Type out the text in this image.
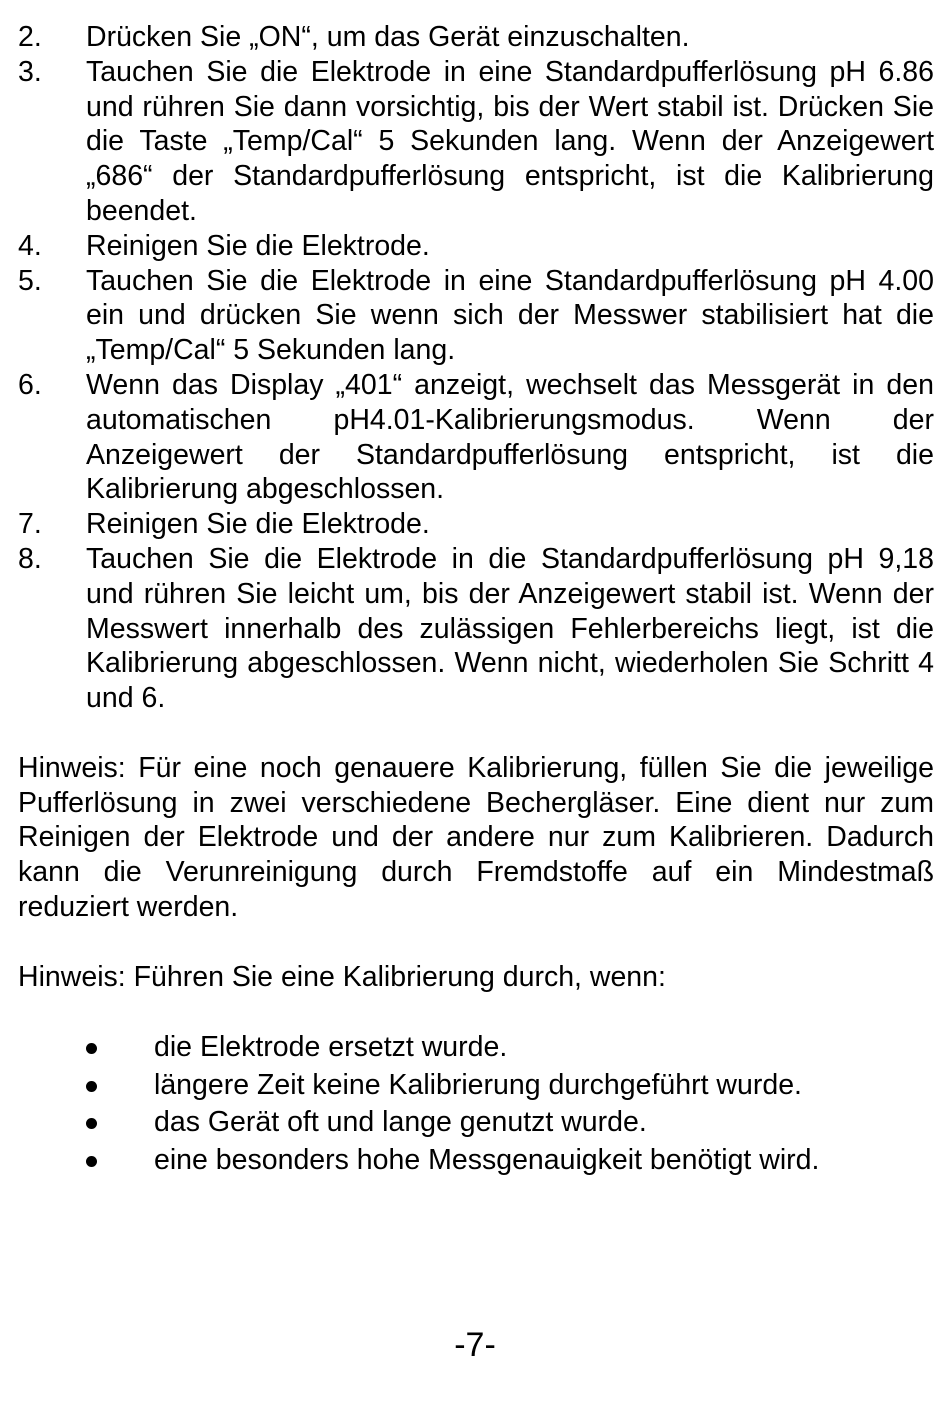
2. Drücken Sie „ON“, um das Gerät einzuschalten.
3. Tauchen Sie die Elektrode in eine Standardpufferlösung pH 6.86 und rühren Sie dann vorsichtig, bis der Wert stabil ist. Drücken Sie die Taste „Temp/Cal“ 5 Sekunden lang. Wenn der Anzeigewert „686“ der Standardpufferlösung entspricht, ist die Kalibrierung beendet.
4. Reinigen Sie die Elektrode.
5. Tauchen Sie die Elektrode in eine Standardpufferlösung pH 4.00 ein und drücken Sie wenn sich der Messwer stabilisiert hat die „Temp/Cal“ 5 Sekunden lang.
6. Wenn das Display „401“ anzeigt, wechselt das Messgerät in den automatischen pH4.01-Kalibrierungsmodus. Wenn der Anzeigewert der Standardpufferlösung entspricht, ist die Kalibrierung abgeschlossen.
7. Reinigen Sie die Elektrode.
8. Tauchen Sie die Elektrode in die Standardpufferlösung pH 9,18 und rühren Sie leicht um, bis der Anzeigewert stabil ist. Wenn der Messwert innerhalb des zulässigen Fehlerbereichs liegt, ist die Kalibrierung abgeschlossen. Wenn nicht, wiederholen Sie Schritt 4 und 6.

Hinweis: Für eine noch genauere Kalibrierung, füllen Sie die jeweilige Pufferlösung in zwei verschiedene Bechergläser. Eine dient nur zum Reinigen der Elektrode und der andere nur zum Kalibrieren. Dadurch kann die Verunreinigung durch Fremdstoffe auf ein Mindestmaß reduziert werden.

Hinweis: Führen Sie eine Kalibrierung durch, wenn:

die Elektrode ersetzt wurde.
längere Zeit keine Kalibrierung durchgeführt wurde.
das Gerät oft und lange genutzt wurde.
eine besonders hohe Messgenauigkeit benötigt wird.
-7-
